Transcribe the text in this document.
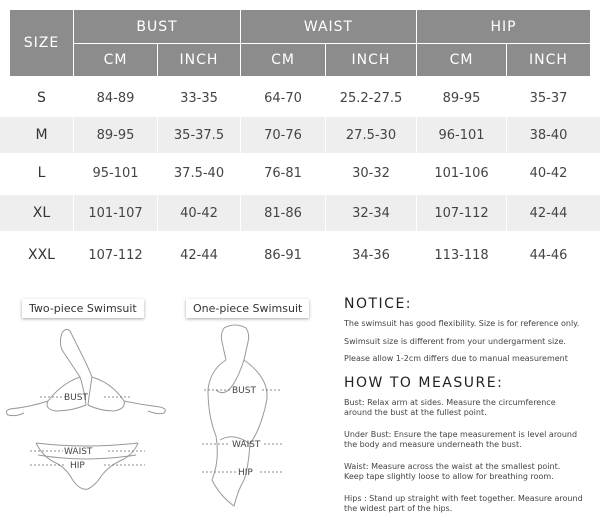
SIZE
BUST	WAIST	HIP
CM	INCH	CM	INCH	CM	INCH
S	84-89	33-35	64-70	25.2-27.5	89-95	35-37
M	89-95	35-37.5	70-76	27.5-30	96-101	38-40
L	95-101	37.5-40	76-81	30-32	101-106	40-42
XL	101-107	40-42	81-86	32-34	107-112	42-44
XXL	107-112	42-44	86-91	34-36	113-118	44-46
Two-piece Swimsuit	One-piece Swimsuit
BUST
WAIST
HIP
BUST
WAIST
HIP
NOTICE:
The swimsuit has good flexibility. Size is for reference only.
Swimsuit size is different from your undergarment size.
Please allow 1-2cm differs due to manual measurement
HOW TO MEASURE:
Bust: Relax arm at sides. Measure the circumference
around the bust at the fullest point.
Under Bust: Ensure the tape measurement is level around
the body and measure underneath the bust.
Waist: Measure across the waist at the smallest point.
Keep tape slightly loose to allow for breathing room.
Hips : Stand up straight with feet together. Measure around
the widest part of the hips.
